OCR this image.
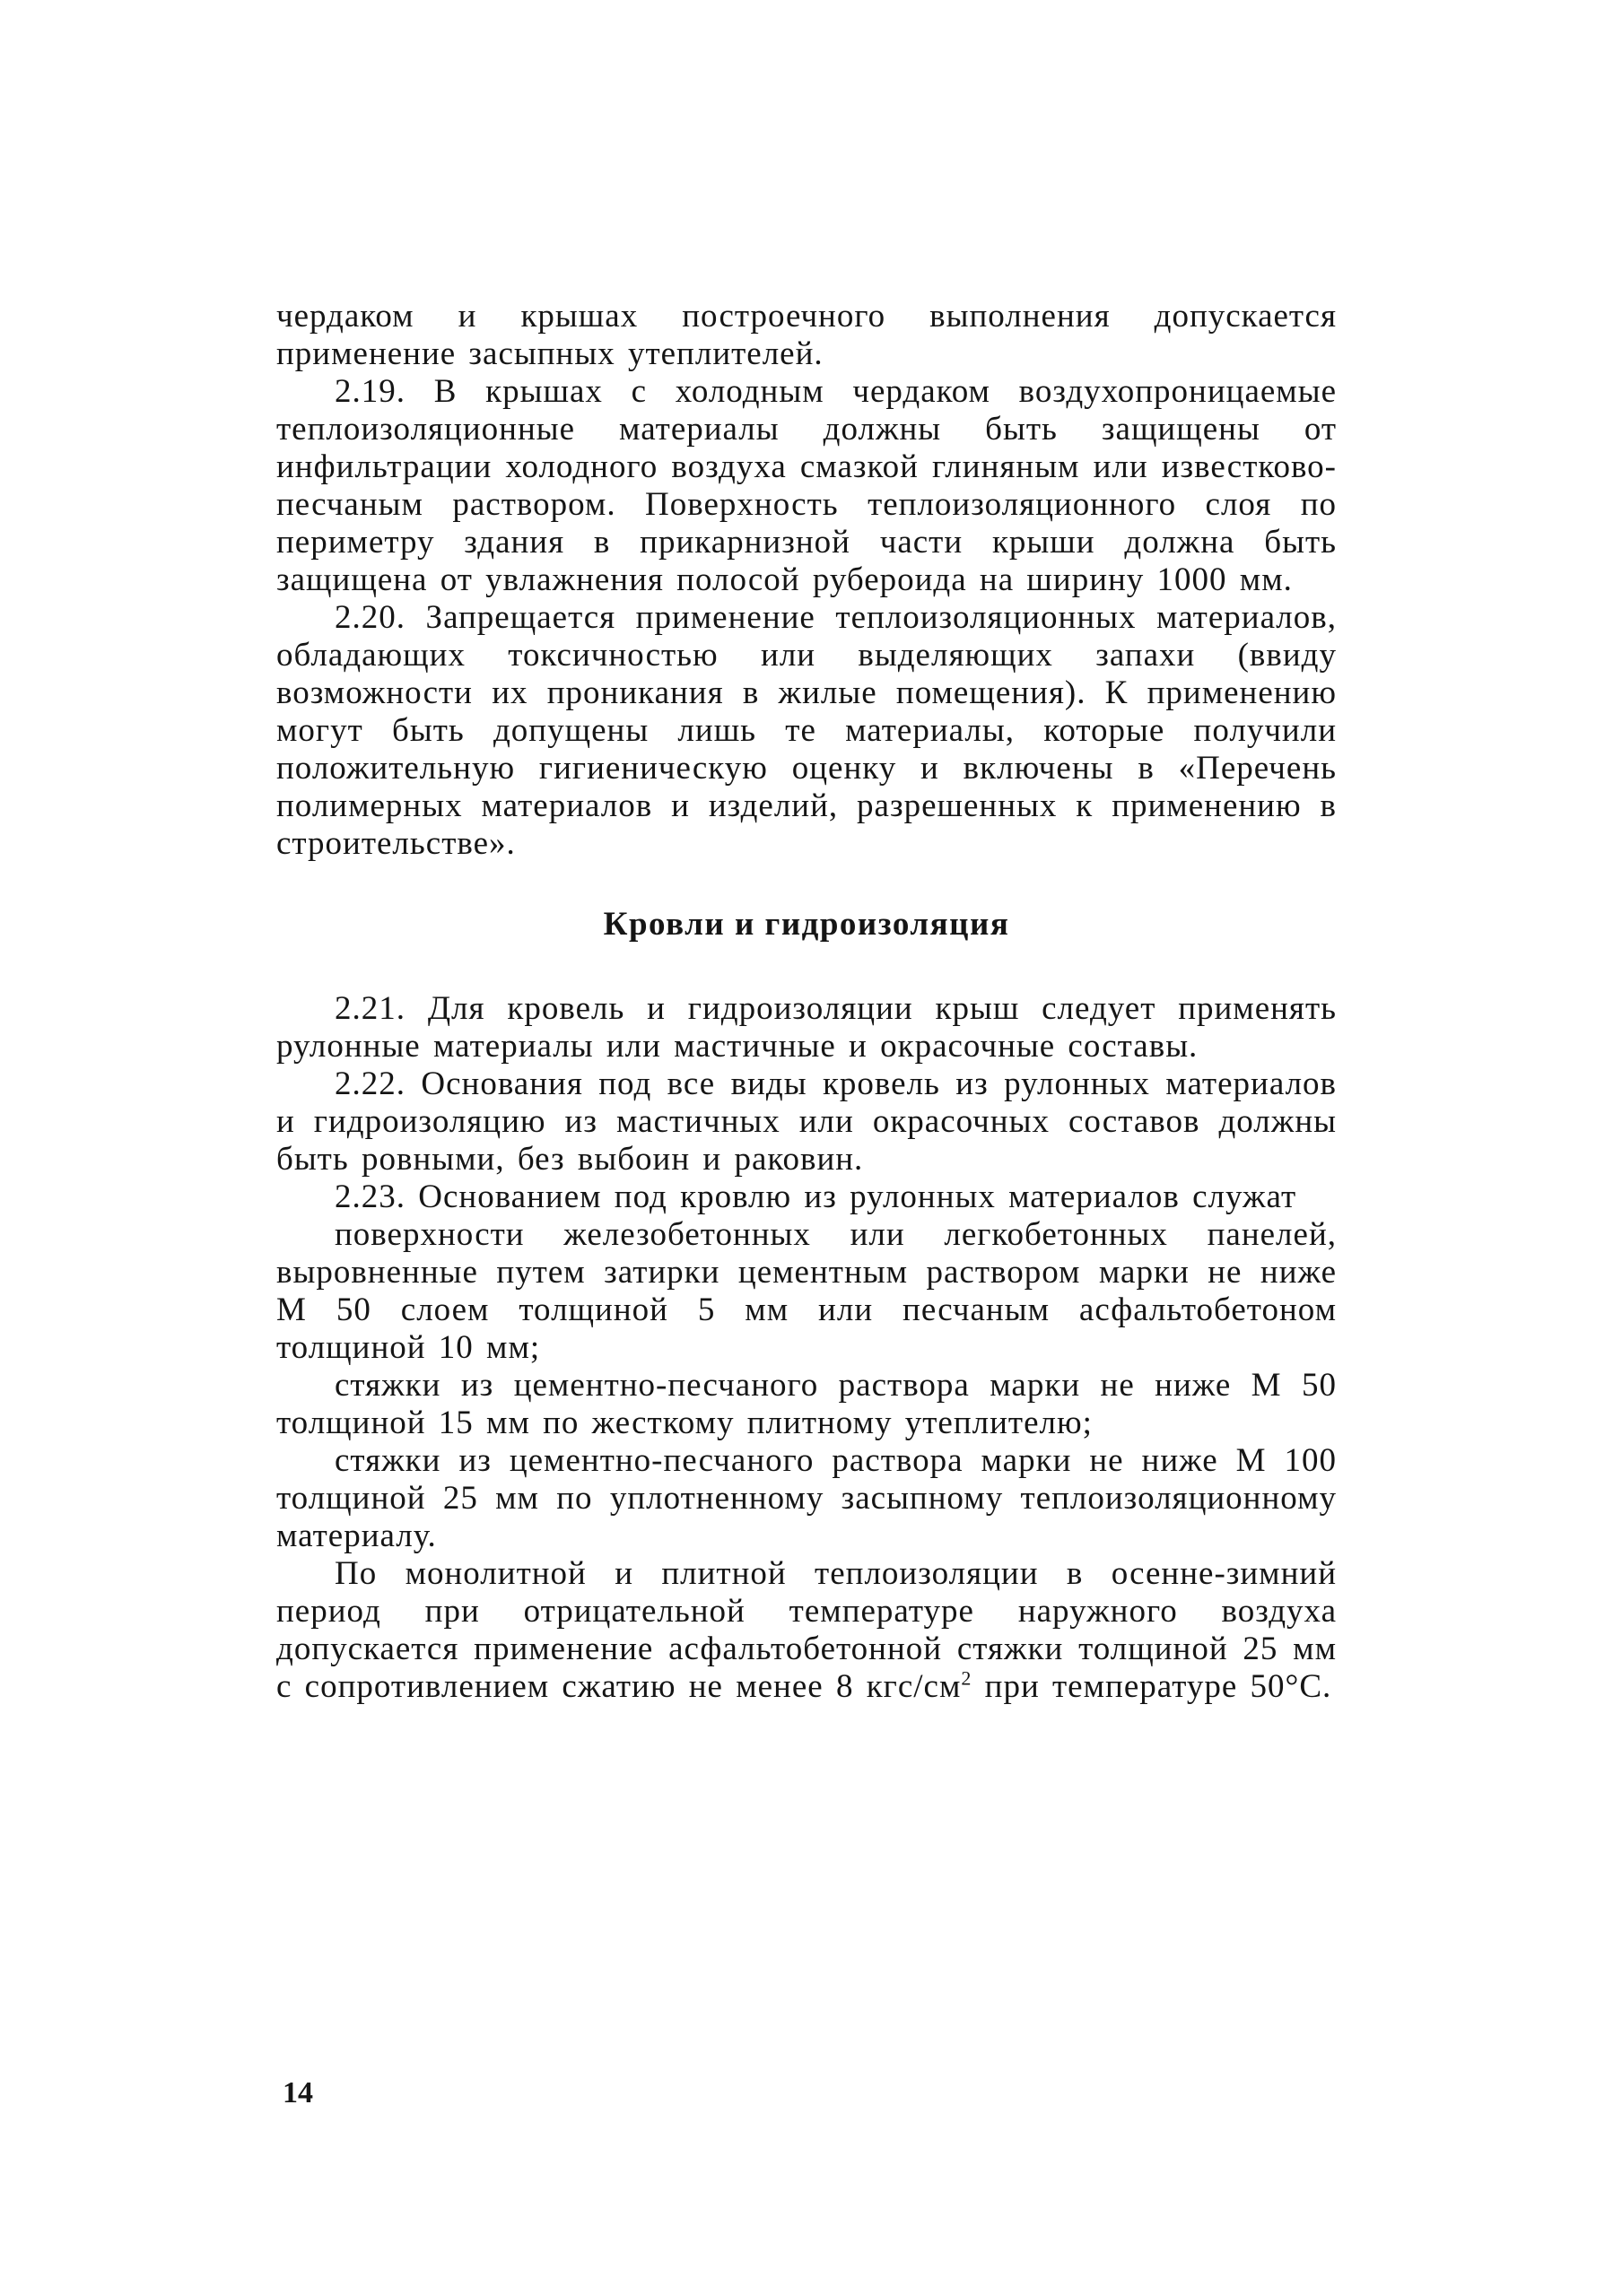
чердаком и крышах построечного выполнения допускается применение засыпных утеплителей.

2.19. В крышах с холодным чердаком воздухопроницаемые теплоизоляционные материалы должны быть защищены от инфильтрации холодного воздуха смазкой глиняным или известково-песчаным раствором. Поверхность теплоизоляционного слоя по периметру здания в прикарнизной части крыши должна быть защищена от увлажнения полосой рубероида на ширину 1000 мм.

2.20. Запрещается применение теплоизоляционных материалов, обладающих токсичностью или выделяющих запахи (ввиду возможности их проникания в жилые помещения). К применению могут быть допущены лишь те материалы, которые получили положительную гигиеническую оценку и включены в «Перечень полимерных материалов и изделий, разрешенных к применению в строительстве».

Кровли и гидроизоляция

2.21. Для кровель и гидроизоляции крыш следует применять рулонные материалы или мастичные и окрасочные составы.

2.22. Основания под все виды кровель из рулонных материалов и гидроизоляцию из мастичных или окрасочных составов должны быть ровными, без выбоин и раковин.

2.23. Основанием под кровлю из рулонных материалов служат

поверхности железобетонных или легкобетонных панелей, выровненные путем затирки цементным раствором марки не ниже М 50 слоем толщиной 5 мм или песчаным асфальтобетоном толщиной 10 мм;

стяжки из цементно-песчаного раствора марки не ниже М 50 толщиной 15 мм по жесткому плитному утеплителю;

стяжки из цементно-песчаного раствора марки не ниже М 100 толщиной 25 мм по уплотненному засыпному теплоизоляционному материалу.

По монолитной и плитной теплоизоляции в осенне-зимний период при отрицательной температуре наружного воздуха допускается применение асфальтобетонной стяжки толщиной 25 мм с сопротивлением сжатию не менее 8 кгс/$см^2$ при температуре 50°С.

14
